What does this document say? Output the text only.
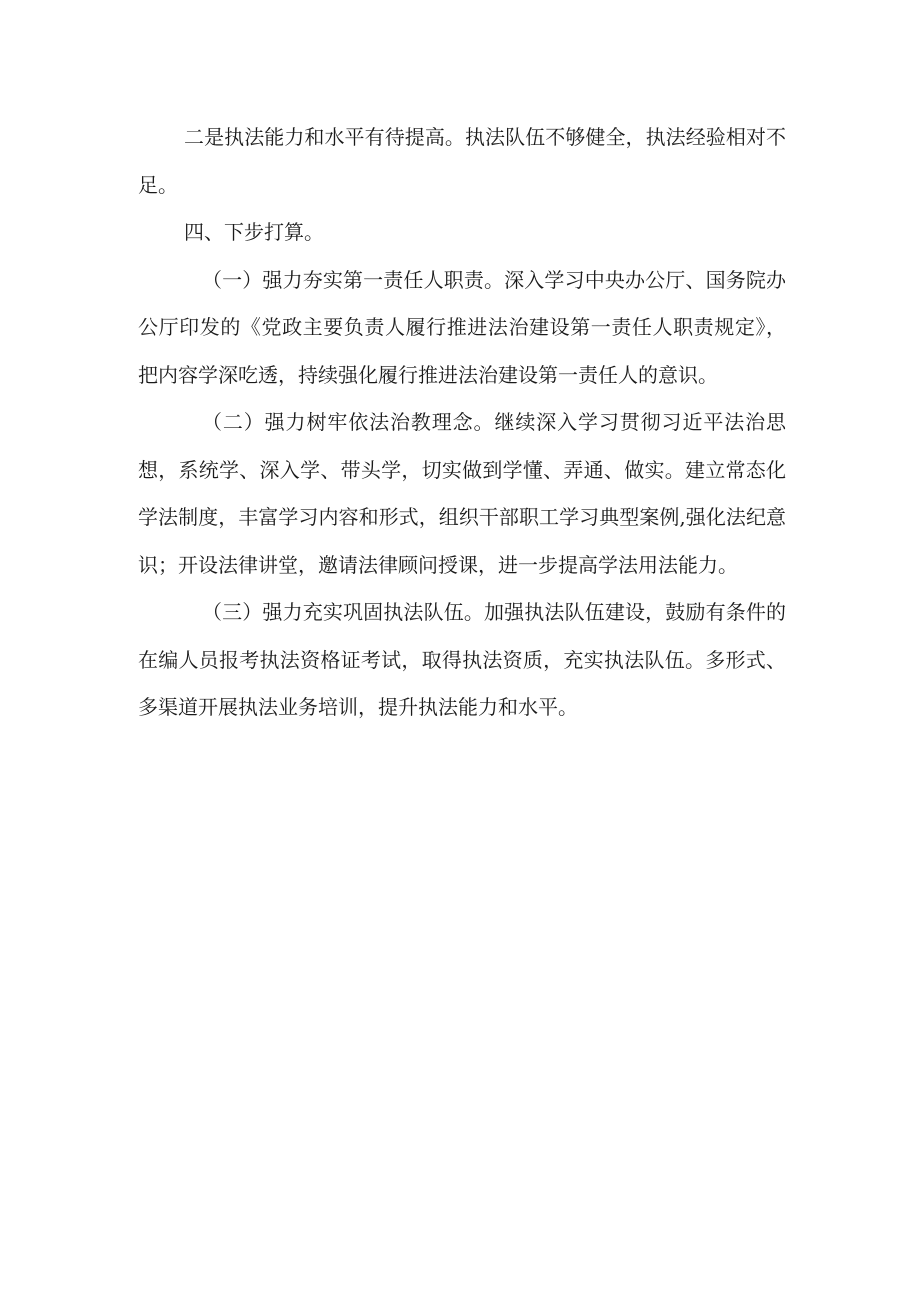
二是执法能力和水平有待提高。执法队伍不够健全，执法经验相对不足。

四、下步打算。

（一）强力夯实第一责任人职责。深入学习中央办公厅、国务院办公厅印发的《党政主要负责人履行推进法治建设第一责任人职责规定》，把内容学深吃透，持续强化履行推进法治建设第一责任人的意识。

（二）强力树牢依法治教理念。继续深入学习贯彻习近平法治思想，系统学、深入学、带头学，切实做到学懂、弄通、做实。建立常态化学法制度，丰富学习内容和形式，组织干部职工学习典型案例,强化法纪意识；开设法律讲堂，邀请法律顾问授课，进一步提高学法用法能力。

（三）强力充实巩固执法队伍。加强执法队伍建设，鼓励有条件的在编人员报考执法资格证考试，取得执法资质，充实执法队伍。多形式、多渠道开展执法业务培训，提升执法能力和水平。
